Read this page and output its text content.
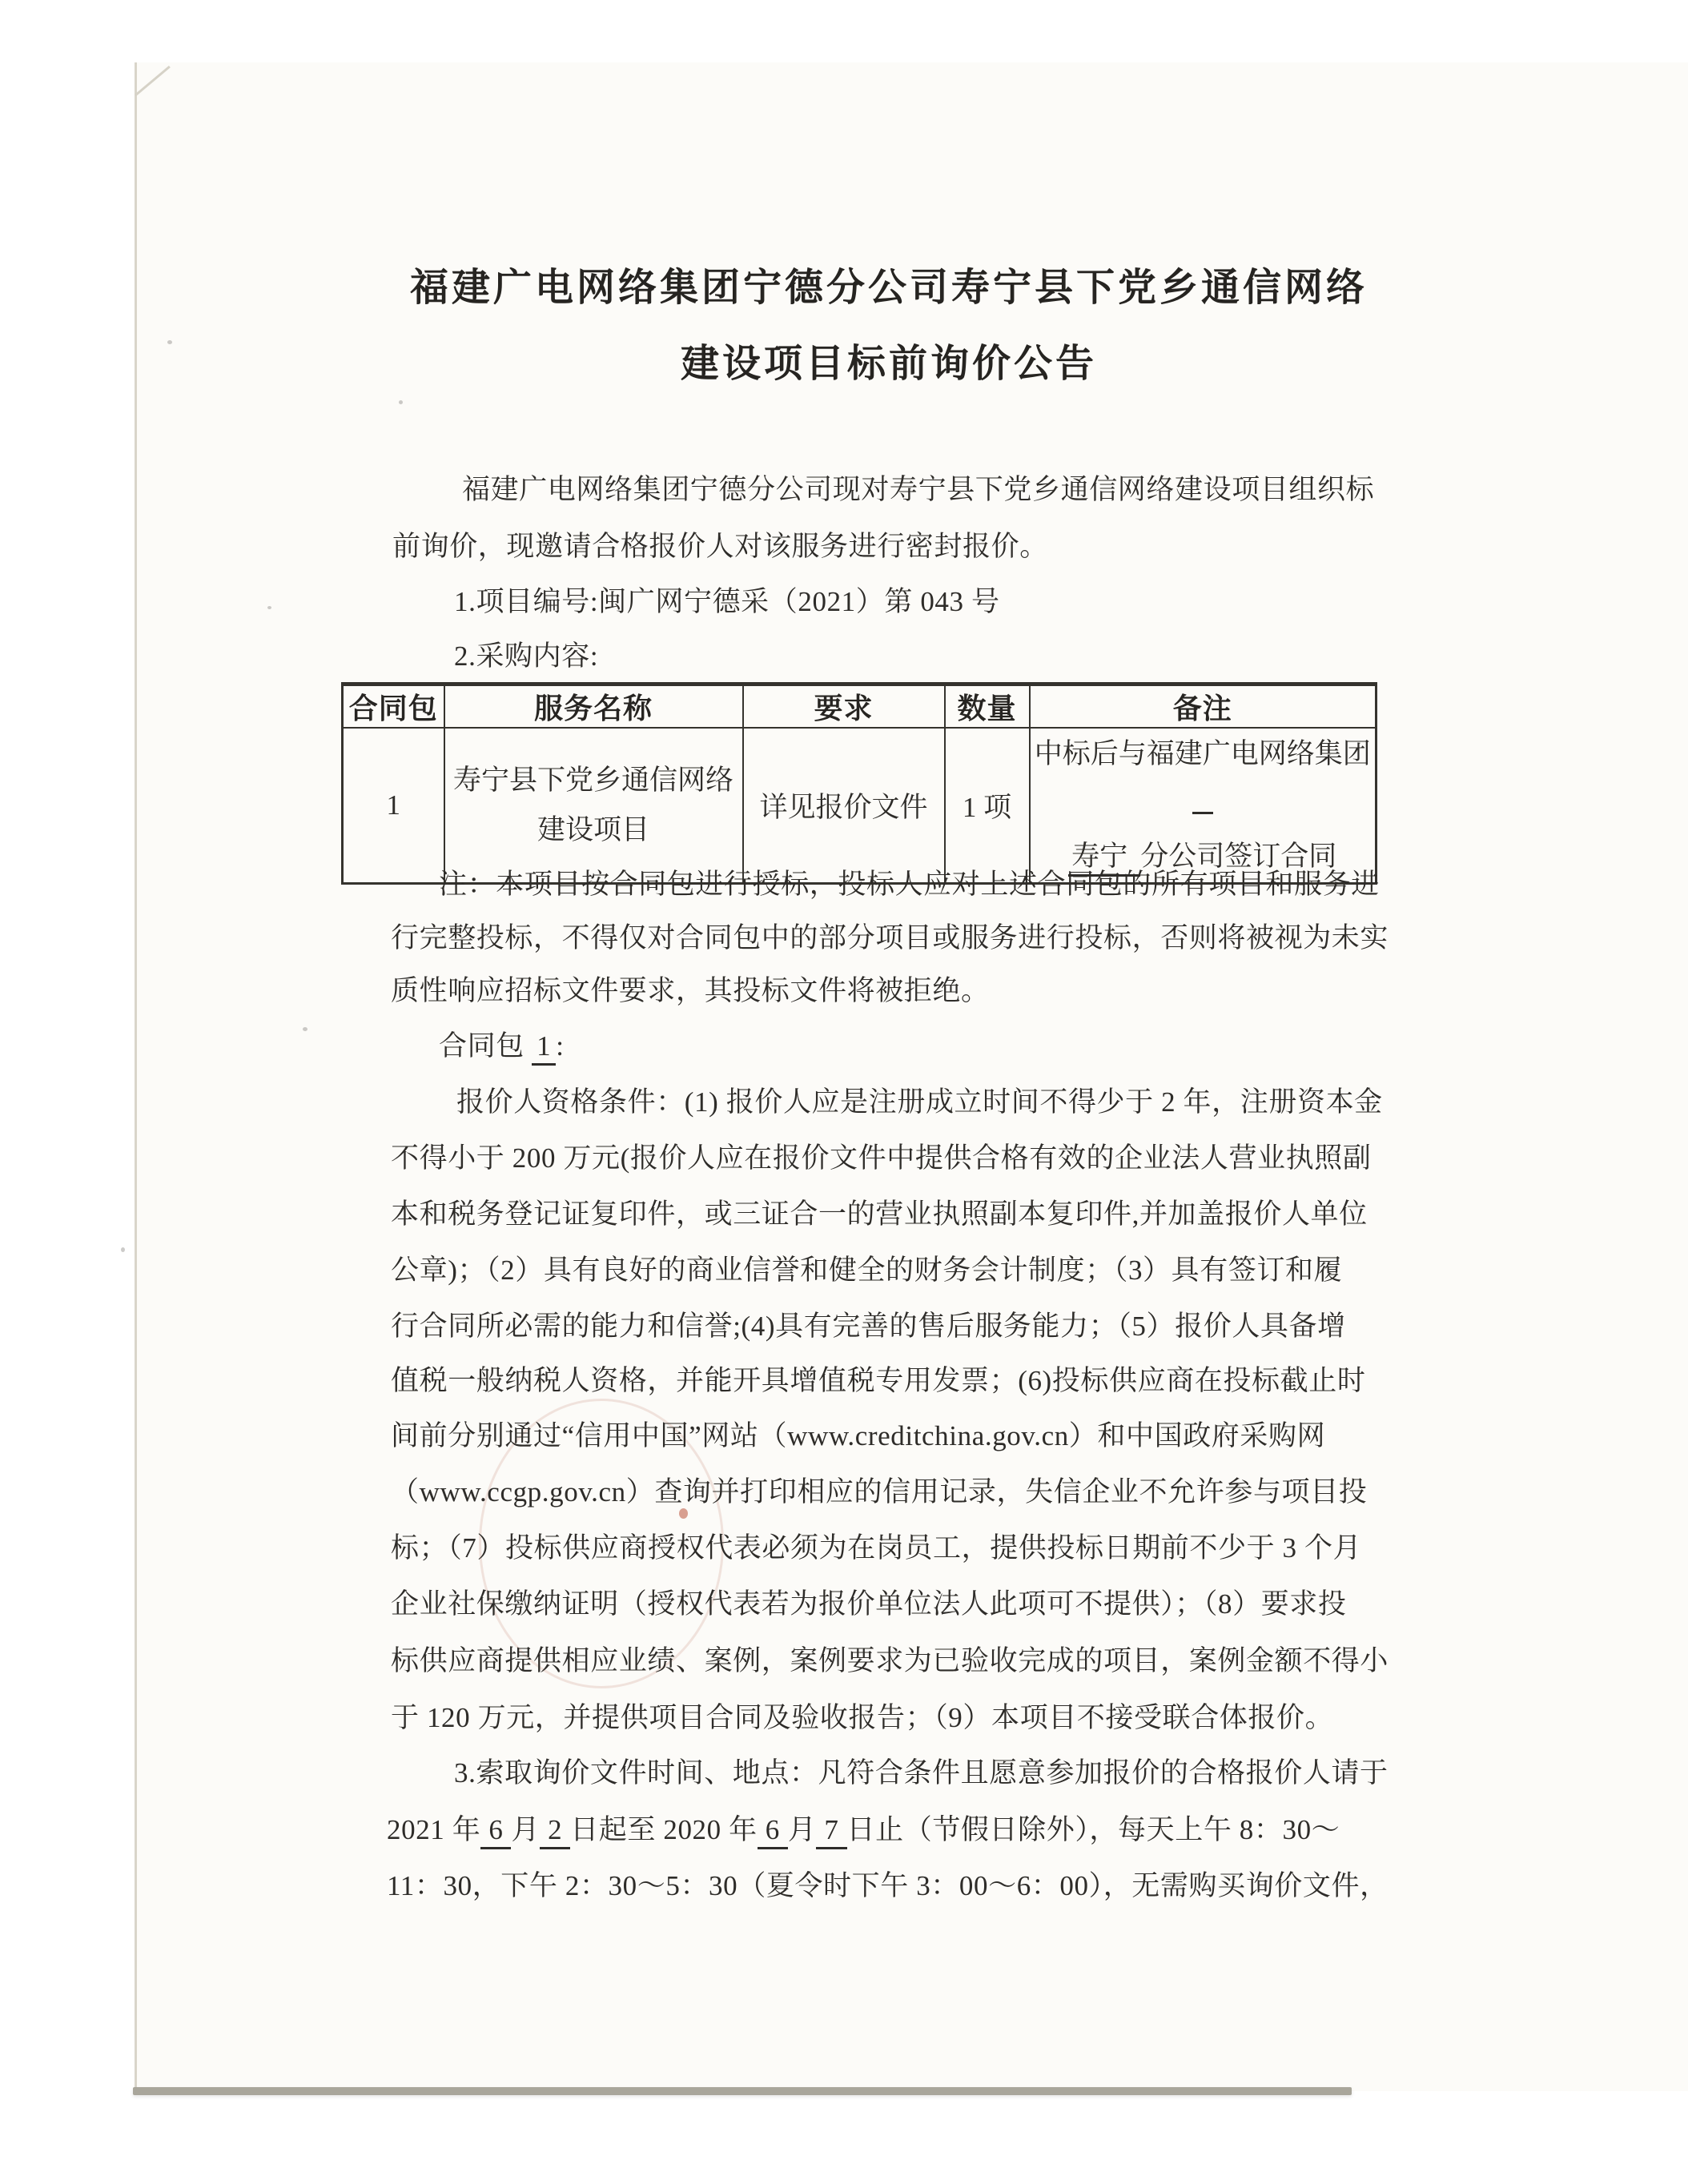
福建广电网络集团宁德分公司寿宁县下党乡通信网络
建设项目标前询价公告
福建广电网络集团宁德分公司现对寿宁县下党乡通信网络建设项目组织标
前询价，现邀请合格报价人对该服务进行密封报价。
1.项目编号:闽广网宁德采（2021）第 043 号
2.采购内容:
合同包	服务名称	要求	数量	备注
1	寿宁县下党乡通信网络
建设项目	详见报价文件	1 项	中标后与福建广电网络集团
寿宁 分公司签订合同
注：本项目按合同包进行授标，投标人应对上述合同包的所有项目和服务进
行完整投标，不得仅对合同包中的部分项目或服务进行投标，否则将被视为未实
质性响应招标文件要求，其投标文件将被拒绝。
合同包 1 :
报价人资格条件：(1) 报价人应是注册成立时间不得少于 2 年，注册资本金
不得小于 200 万元(报价人应在报价文件中提供合格有效的企业法人营业执照副
本和税务登记证复印件，或三证合一的营业执照副本复印件,并加盖报价人单位
公章)；（2）具有良好的商业信誉和健全的财务会计制度；（3）具有签订和履
行合同所必需的能力和信誉;(4)具有完善的售后服务能力；（5）报价人具备增
值税一般纳税人资格，并能开具增值税专用发票；(6)投标供应商在投标截止时
间前分别通过“信用中国”网站（www.creditchina.gov.cn）和中国政府采购网
（www.ccgp.gov.cn）查询并打印相应的信用记录，失信企业不允许参与项目投
标；（7）投标供应商授权代表必须为在岗员工，提供投标日期前不少于 3 个月
企业社保缴纳证明（授权代表若为报价单位法人此项可不提供）；（8）要求投
标供应商提供相应业绩、案例，案例要求为已验收完成的项目，案例金额不得小
于 120 万元，并提供项目合同及验收报告；（9）本项目不接受联合体报价。
3.索取询价文件时间、地点：凡符合条件且愿意参加报价的合格报价人请于
2021 年 6 月 2 日起至 2020 年 6 月 7 日止（节假日除外），每天上午 8：30～
11：30，下午 2：30～5：30（夏令时下午 3：00～6：00），无需购买询价文件，
